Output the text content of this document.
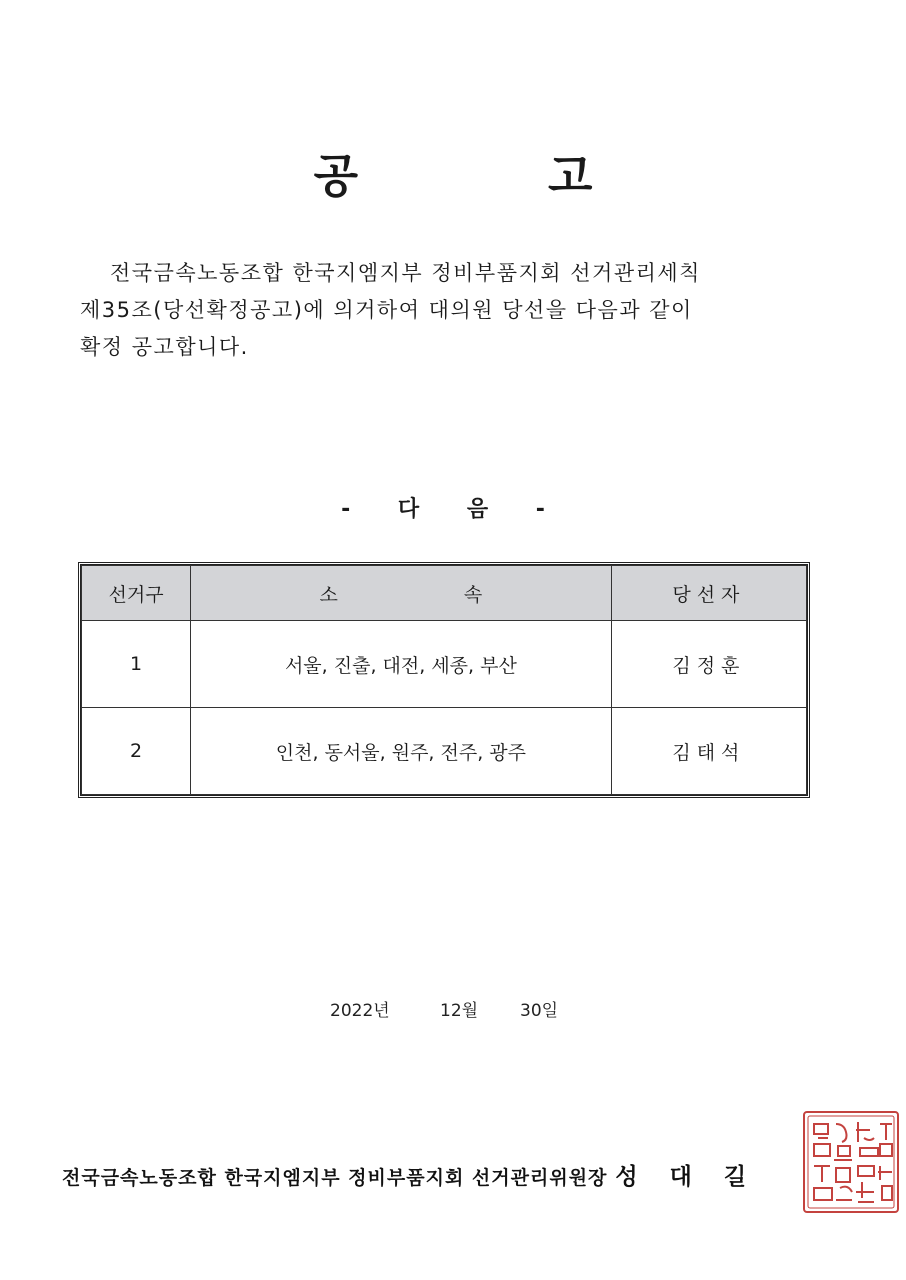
공	고
전국금속노동조합 한국지엠지부 정비부품지회 선거관리세칙
제35조(당선확정공고)에 의거하여 대의원 당선을 다음과 같이
확정 공고합니다.
- 다 음 -
선거구	소 속	당선자
1	서울, 진출, 대전, 세종, 부산	김정훈
2	인천, 동서울, 원주, 전주, 광주	김태석
2022년	12월	30일
전국금속노동조합 한국지엠지부 정비부품지회 선거관리위원장 성 대 길
